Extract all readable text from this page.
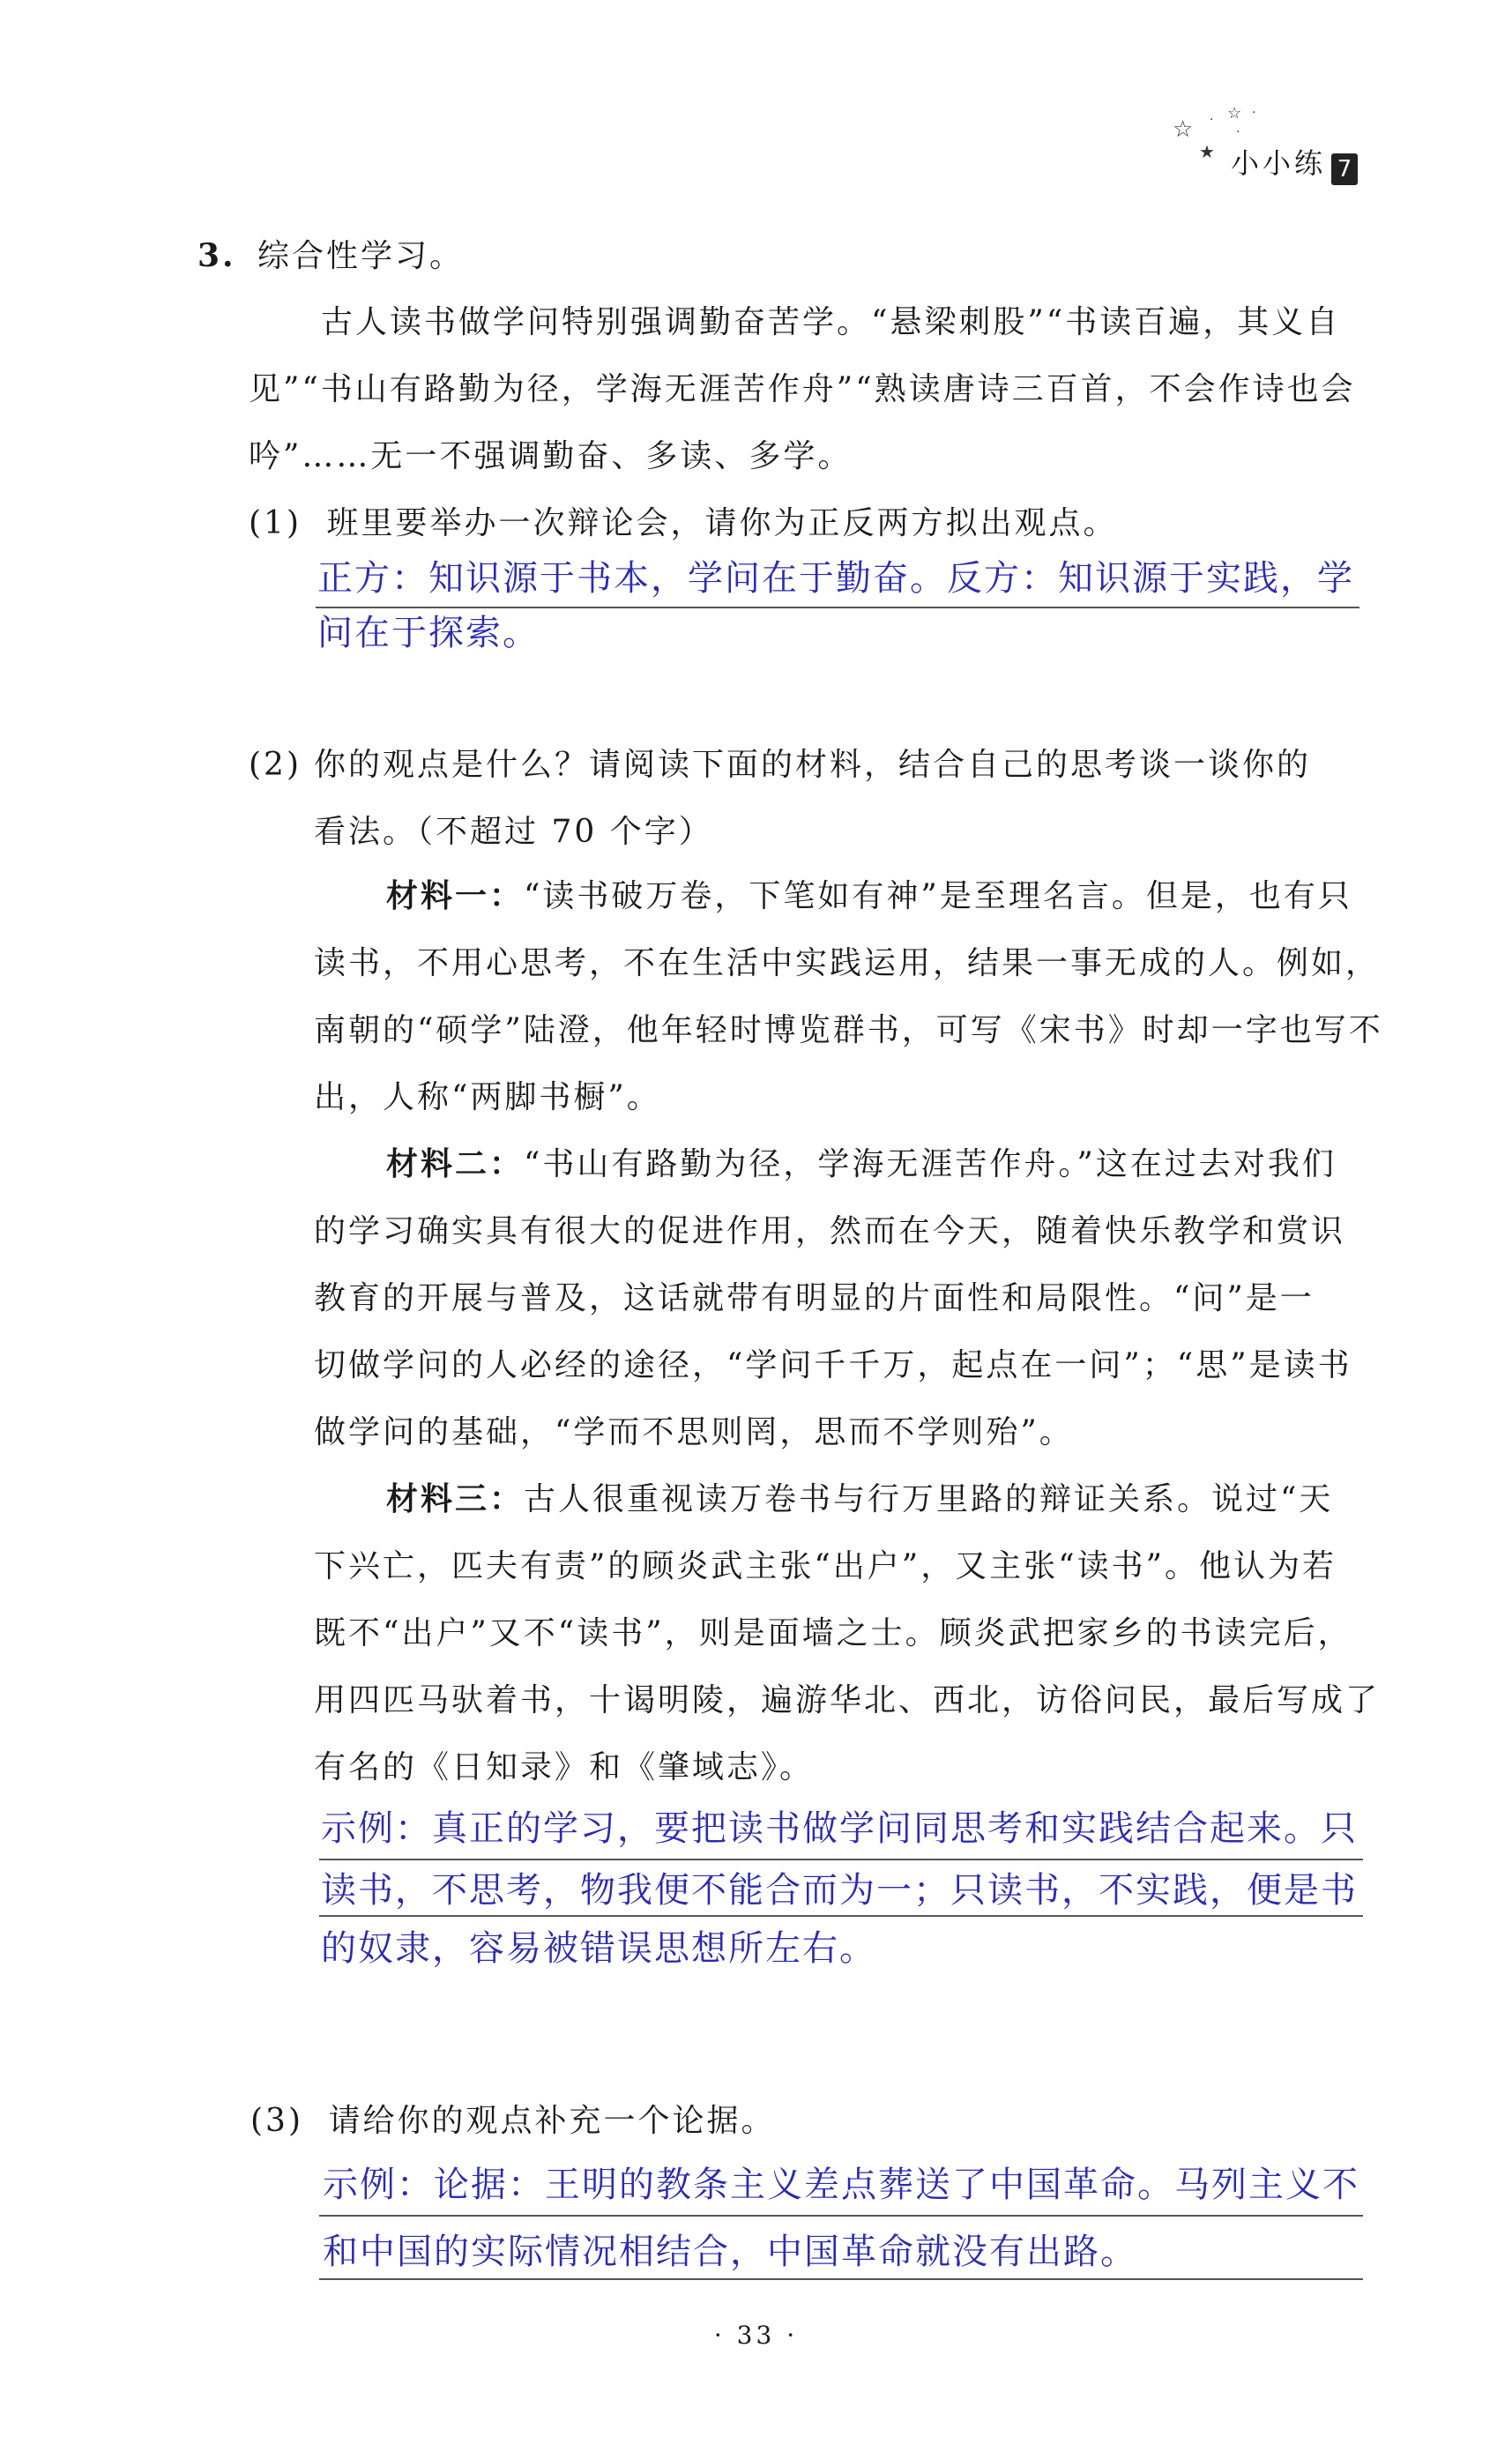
☆
★
· ☆
·
·
小小练 7
3. 综合性学习。
古人读书做学问特别强调勤奋苦学。“悬梁刺股”“书读百遍，其义自
见”“书山有路勤为径，学海无涯苦作舟”“熟读唐诗三百首，不会作诗也会
吟”……无一不强调勤奋、多读、多学。
(1) 班里要举办一次辩论会，请你为正反两方拟出观点。
正方：知识源于书本，学问在于勤奋。反方：知识源于实践，学
问在于探索。
(2) 你的观点是什么？请阅读下面的材料，结合自己的思考谈一谈你的
看法。（不超过 70 个字）
材料一：“读书破万卷，下笔如有神”是至理名言。但是，也有只
读书，不用心思考，不在生活中实践运用，结果一事无成的人。例如，
南朝的“硕学”陆澄，他年轻时博览群书，可写《宋书》时却一字也写不
出，人称“两脚书橱”。
材料二：“书山有路勤为径，学海无涯苦作舟。”这在过去对我们
的学习确实具有很大的促进作用，然而在今天，随着快乐教学和赏识
教育的开展与普及，这话就带有明显的片面性和局限性。“问”是一
切做学问的人必经的途径，“学问千千万，起点在一问”；“思”是读书
做学问的基础，“学而不思则罔，思而不学则殆”。
材料三：古人很重视读万卷书与行万里路的辩证关系。说过“天
下兴亡，匹夫有责”的顾炎武主张“出户”，又主张“读书”。他认为若
既不“出户”又不“读书”，则是面墙之士。顾炎武把家乡的书读完后，
用四匹马驮着书，十谒明陵，遍游华北、西北，访俗问民，最后写成了
有名的《日知录》和《肇域志》。
示例：真正的学习，要把读书做学问同思考和实践结合起来。只
读书，不思考，物我便不能合而为一；只读书，不实践，便是书
的奴隶，容易被错误思想所左右。
(3) 请给你的观点补充一个论据。
示例：论据：王明的教条主义差点葬送了中国革命。马列主义不
和中国的实际情况相结合，中国革命就没有出路。
· 33 ·
